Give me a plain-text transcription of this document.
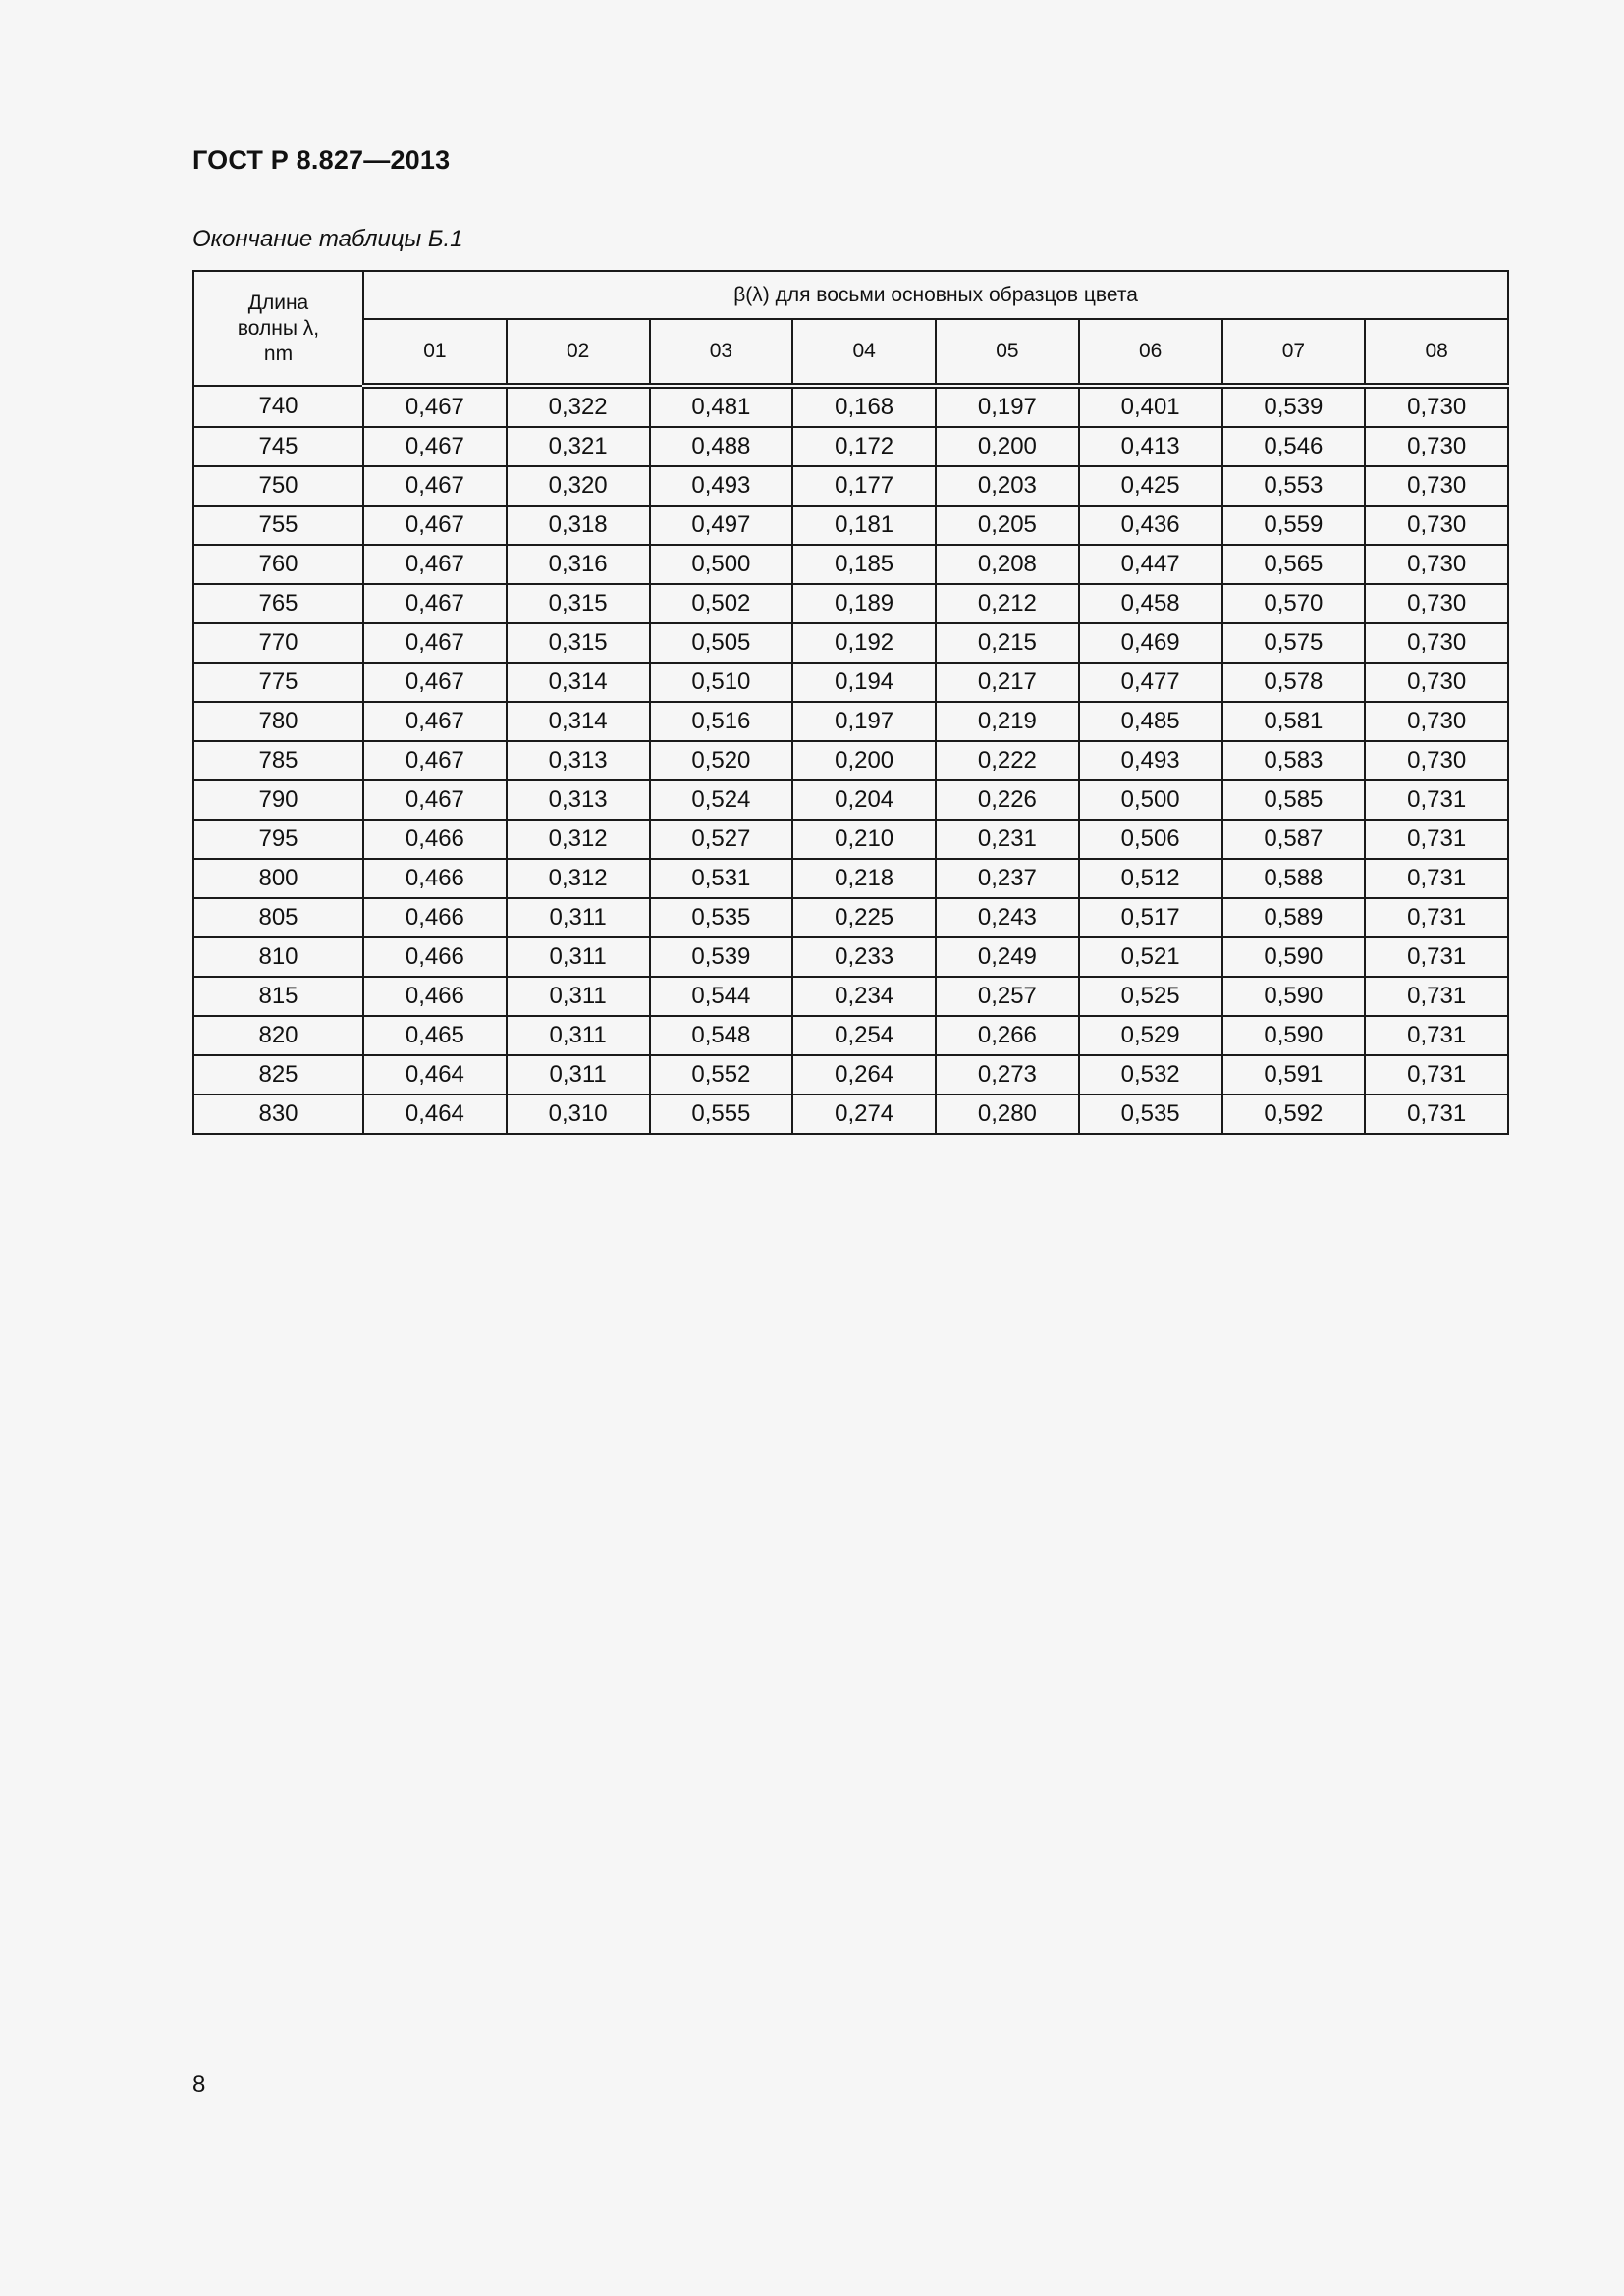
ГОСТ Р 8.827—2013
Окончание таблицы Б.1
Длина
волны λ,
nm	β(λ) для восьми основных образцов цвета							
	01	02	03	04	05	06	07	08
740	0,467	0,322	0,481	0,168	0,197	0,401	0,539	0,730
745	0,467	0,321	0,488	0,172	0,200	0,413	0,546	0,730
750	0,467	0,320	0,493	0,177	0,203	0,425	0,553	0,730
755	0,467	0,318	0,497	0,181	0,205	0,436	0,559	0,730
760	0,467	0,316	0,500	0,185	0,208	0,447	0,565	0,730
765	0,467	0,315	0,502	0,189	0,212	0,458	0,570	0,730
770	0,467	0,315	0,505	0,192	0,215	0,469	0,575	0,730
775	0,467	0,314	0,510	0,194	0,217	0,477	0,578	0,730
780	0,467	0,314	0,516	0,197	0,219	0,485	0,581	0,730
785	0,467	0,313	0,520	0,200	0,222	0,493	0,583	0,730
790	0,467	0,313	0,524	0,204	0,226	0,500	0,585	0,731
795	0,466	0,312	0,527	0,210	0,231	0,506	0,587	0,731
800	0,466	0,312	0,531	0,218	0,237	0,512	0,588	0,731
805	0,466	0,311	0,535	0,225	0,243	0,517	0,589	0,731
810	0,466	0,311	0,539	0,233	0,249	0,521	0,590	0,731
815	0,466	0,311	0,544	0,234	0,257	0,525	0,590	0,731
820	0,465	0,311	0,548	0,254	0,266	0,529	0,590	0,731
825	0,464	0,311	0,552	0,264	0,273	0,532	0,591	0,731
830	0,464	0,310	0,555	0,274	0,280	0,535	0,592	0,731
8
